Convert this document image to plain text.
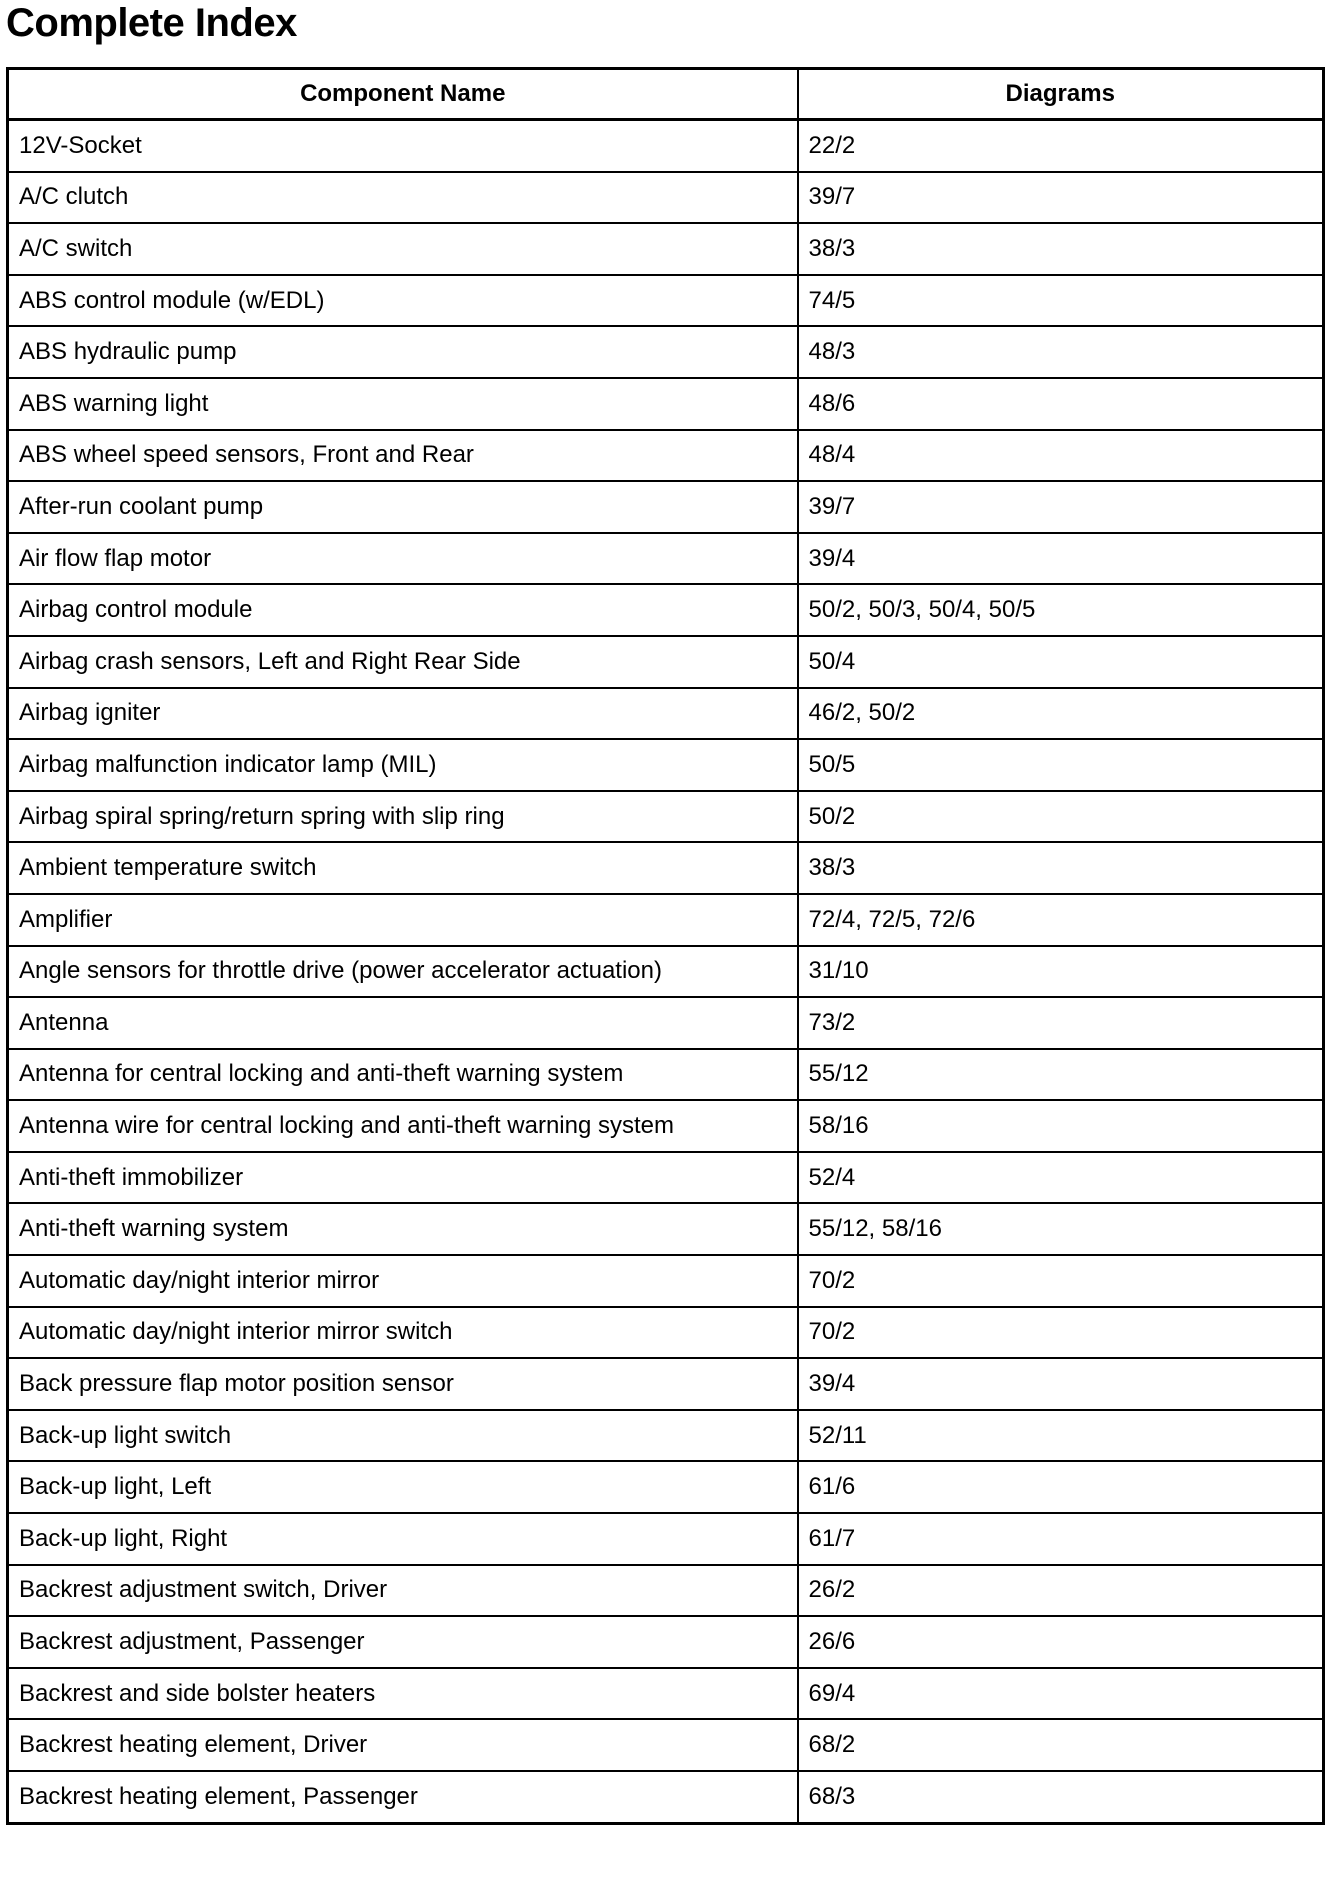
Complete Index
Component Name	Diagrams
12V-Socket	22/2
A/C clutch	39/7
A/C switch	38/3
ABS control module (w/EDL)	74/5
ABS hydraulic pump	48/3
ABS warning light	48/6
ABS wheel speed sensors, Front and Rear	48/4
After-run coolant pump	39/7
Air flow flap motor	39/4
Airbag control module	50/2, 50/3, 50/4, 50/5
Airbag crash sensors, Left and Right Rear Side	50/4
Airbag igniter	46/2, 50/2
Airbag malfunction indicator lamp (MIL)	50/5
Airbag spiral spring/return spring with slip ring	50/2
Ambient temperature switch	38/3
Amplifier	72/4, 72/5, 72/6
Angle sensors for throttle drive (power accelerator actuation)	31/10
Antenna	73/2
Antenna for central locking and anti-theft warning system	55/12
Antenna wire for central locking and anti-theft warning system	58/16
Anti-theft immobilizer	52/4
Anti-theft warning system	55/12, 58/16
Automatic day/night interior mirror	70/2
Automatic day/night interior mirror switch	70/2
Back pressure flap motor position sensor	39/4
Back-up light switch	52/11
Back-up light, Left	61/6
Back-up light, Right	61/7
Backrest adjustment switch, Driver	26/2
Backrest adjustment, Passenger	26/6
Backrest and side bolster heaters	69/4
Backrest heating element, Driver	68/2
Backrest heating element, Passenger	68/3
